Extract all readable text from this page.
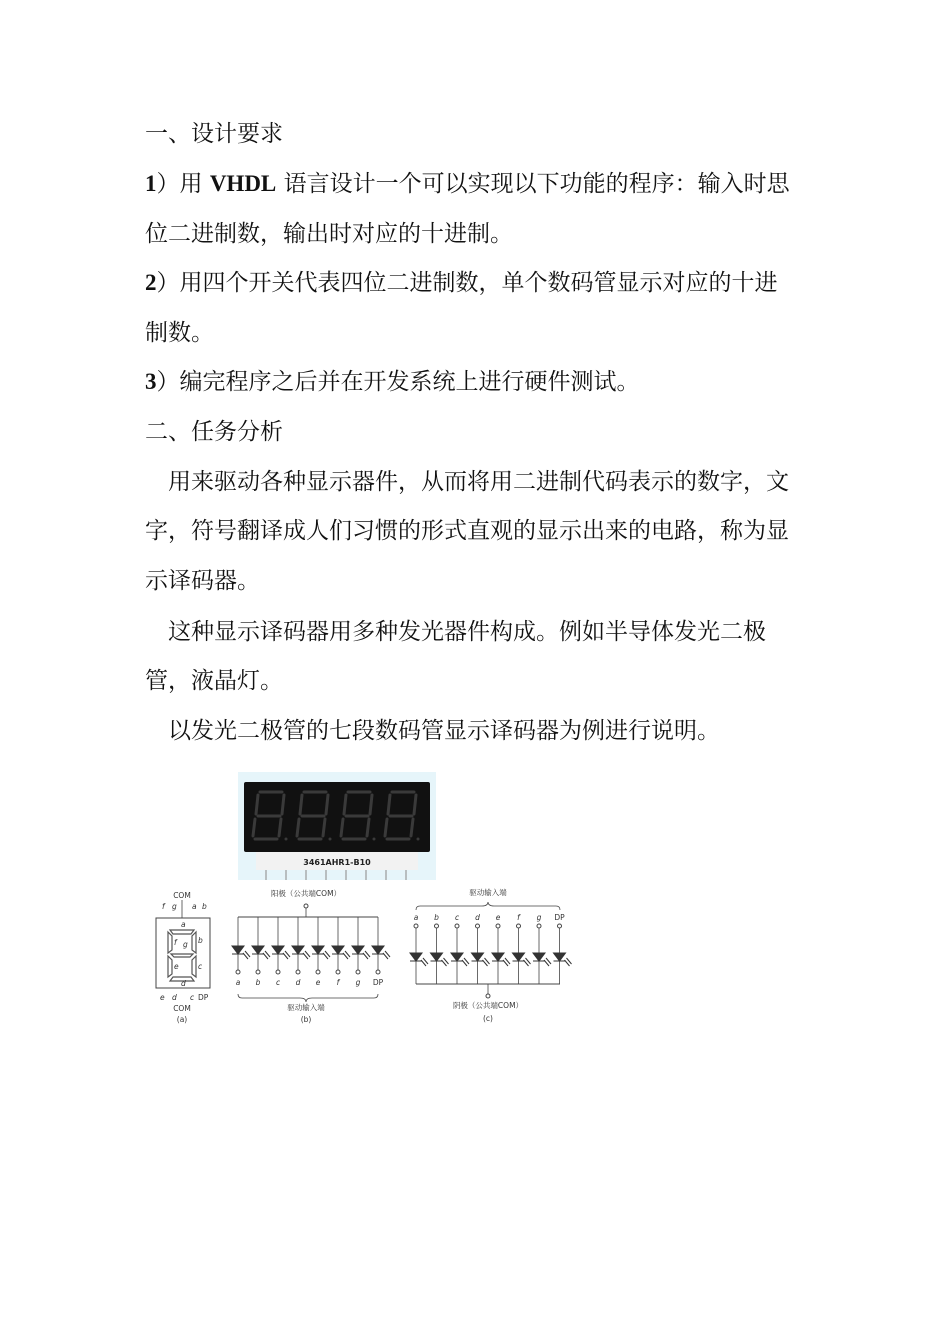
一、设计要求
1）用 VHDL 语言设计一个可以实现以下功能的程序：输入时思
位二进制数，输出时对应的十进制。
2）用四个开关代表四位二进制数，单个数码管显示对应的十进
制数。
3）编完程序之后并在开发系统上进行硬件测试。
二、任务分析
用来驱动各种显示器件，从而将用二进制代码表示的数字，文
字，符号翻译成人们习惯的形式直观的显示出来的电路，称为显
示译码器。
这种显示译码器用多种发光器件构成。例如半导体发光二极
管，液晶灯。
以发光二极管的七段数码管显示译码器为例进行说明。
3461AHR1-B10
COM
f g a b
a
f g b
e	c
d
e d c DP
COM
(a)
阳极（公共端COM）
a b c d e f g DP
驱动输入端
(b)
驱动输入端
a b c d e f g DP
阴极（公共端COM）
(c)
